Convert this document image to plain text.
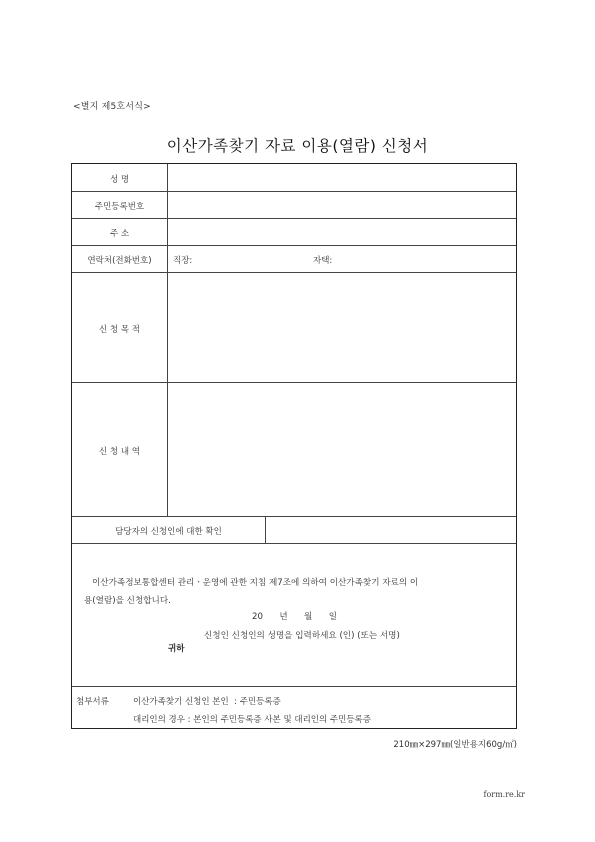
<별지 제5호서식>
이산가족찾기 자료 이용(열람) 신청서
성 명
주민등록번호
주 소
연락처(전화번호)	직장:	자택:
신 청 목 적
신 청 내 역
담당자의 신청인에 대한 확인
이산가족정보통합센터 관리ㆍ운영에 관한 지침 제7조에 의하여 이산가족찾기 자료의 이
용(열람)을 신청합니다.
20      년      월      일
신청인 신청인의 성명을 입력하세요 (인) (또는 서명)
귀하
첨부서류	이산가족찾기 신청인 본인  : 주민등록증
대리인의 경우 : 본인의 주민등록증 사본 및 대리인의 주민등록증
210㎜×297㎜(일반용지60g/㎡)
form.re.kr
